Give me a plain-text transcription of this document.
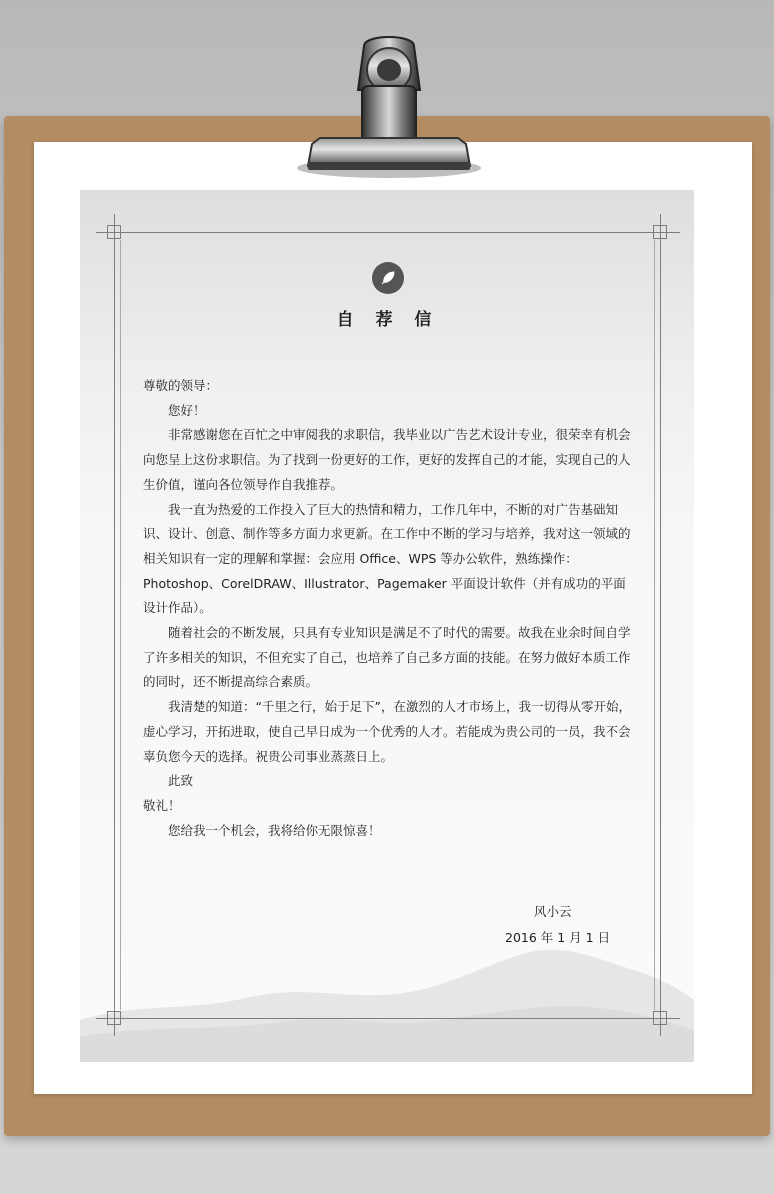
自 荐 信

尊敬的领导：

您好！

非常感谢您在百忙之中审阅我的求职信，我毕业以广告艺术设计专业，很荣幸有机会向您呈上这份求职信。为了找到一份更好的工作，更好的发挥自己的才能，实现自己的人生价值，谨向各位领导作自我推荐。

我一直为热爱的工作投入了巨大的热情和精力，工作几年中，不断的对广告基础知识、设计、创意、制作等多方面力求更新。在工作中不断的学习与培养，我对这一领域的相关知识有一定的理解和掌握：会应用 Office、WPS 等办公软件，熟练操作：Photoshop、CorelDRAW、Illustrator、Pagemaker 平面设计软件（并有成功的平面设计作品）。

随着社会的不断发展，只具有专业知识是满足不了时代的需要。故我在业余时间自学了许多相关的知识，不但充实了自己，也培养了自己多方面的技能。在努力做好本质工作的同时，还不断提高综合素质。

我清楚的知道：“千里之行，始于足下”，在激烈的人才市场上，我一切得从零开始，虚心学习，开拓进取，使自己早日成为一个优秀的人才。若能成为贵公司的一员，我不会辜负您今天的选择。祝贵公司事业蒸蒸日上。

此致

敬礼！

您给我一个机会，我将给你无限惊喜！

风小云
2016 年 1 月 1 日
